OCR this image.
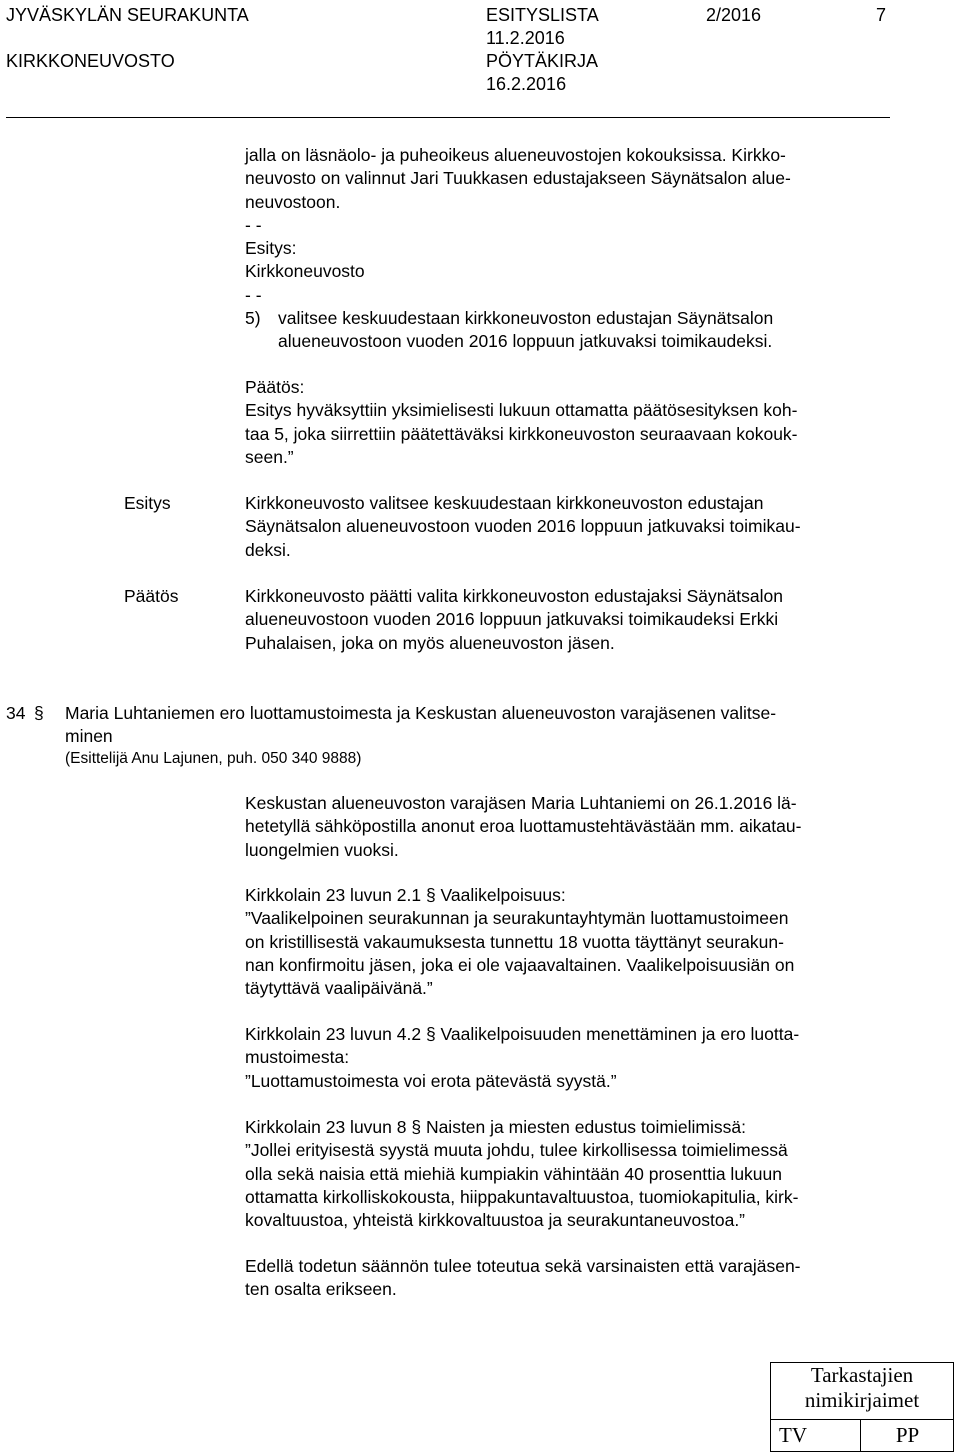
JYVÄSKYLÄN SEURAKUNTA
KIRKKONEUVOSTO
ESITYSLISTA
11.2.2016
PÖYTÄKIRJA
16.2.2016
2/2016	7
jalla on läsnäolo- ja puheoikeus alueneuvostojen kokouksissa. Kirkko-
neuvosto on valinnut Jari Tuukkasen edustajakseen Säynätsalon alue-
neuvostoon.
- -
Esitys:
Kirkkoneuvosto
- -
5) valitsee keskuudestaan kirkkoneuvoston edustajan Säynätsalon
alueneuvostoon vuoden 2016 loppuun jatkuvaksi toimikaudeksi.
Päätös:
Esitys hyväksyttiin yksimielisesti lukuun ottamatta päätösesityksen koh-
taa 5, joka siirrettiin päätettäväksi kirkkoneuvoston seuraavaan kokouk-
seen.”
Esitys	Kirkkoneuvosto valitsee keskuudestaan kirkkoneuvoston edustajan
Säynätsalon alueneuvostoon vuoden 2016 loppuun jatkuvaksi toimikau-
deksi.
Päätös	Kirkkoneuvosto päätti valita kirkkoneuvoston edustajaksi Säynätsalon
alueneuvostoon vuoden 2016 loppuun jatkuvaksi toimikaudeksi Erkki
Puhalaisen, joka on myös alueneuvoston jäsen.
34 § Maria Luhtaniemen ero luottamustoimesta ja Keskustan alueneuvoston varajäsenen valitse-
minen
(Esittelijä Anu Lajunen, puh. 050 340 9888)
Keskustan alueneuvoston varajäsen Maria Luhtaniemi on 26.1.2016 lä-
hetetyllä sähköpostilla anonut eroa luottamustehtävästään mm. aikatau-
luongelmien vuoksi.
Kirkkolain 23 luvun 2.1 § Vaalikelpoisuus:
”Vaalikelpoinen seurakunnan ja seurakuntayhtymän luottamustoimeen
on kristillisestä vakaumuksesta tunnettu 18 vuotta täyttänyt seurakun-
nan konfirmoitu jäsen, joka ei ole vajaavaltainen. Vaalikelpoisuusiän on
täytyttävä vaalipäivänä.”
Kirkkolain 23 luvun 4.2 § Vaalikelpoisuuden menettäminen ja ero luotta-
mustoimesta:
”Luottamustoimesta voi erota pätevästä syystä.”
Kirkkolain 23 luvun 8 § Naisten ja miesten edustus toimielimissä:
”Jollei erityisestä syystä muuta johdu, tulee kirkollisessa toimielimessä
olla sekä naisia että miehiä kumpiakin vähintään 40 prosenttia lukuun
ottamatta kirkolliskokousta, hiippakuntavaltuustoa, tuomiokapitulia, kirk-
kovaltuustoa, yhteistä kirkkovaltuustoa ja seurakuntaneuvostoa.”
Edellä todetun säännön tulee toteutua sekä varsinaisten että varajäsen-
ten osalta erikseen.
Tarkastajien
nimikirjaimet
TV	PP
